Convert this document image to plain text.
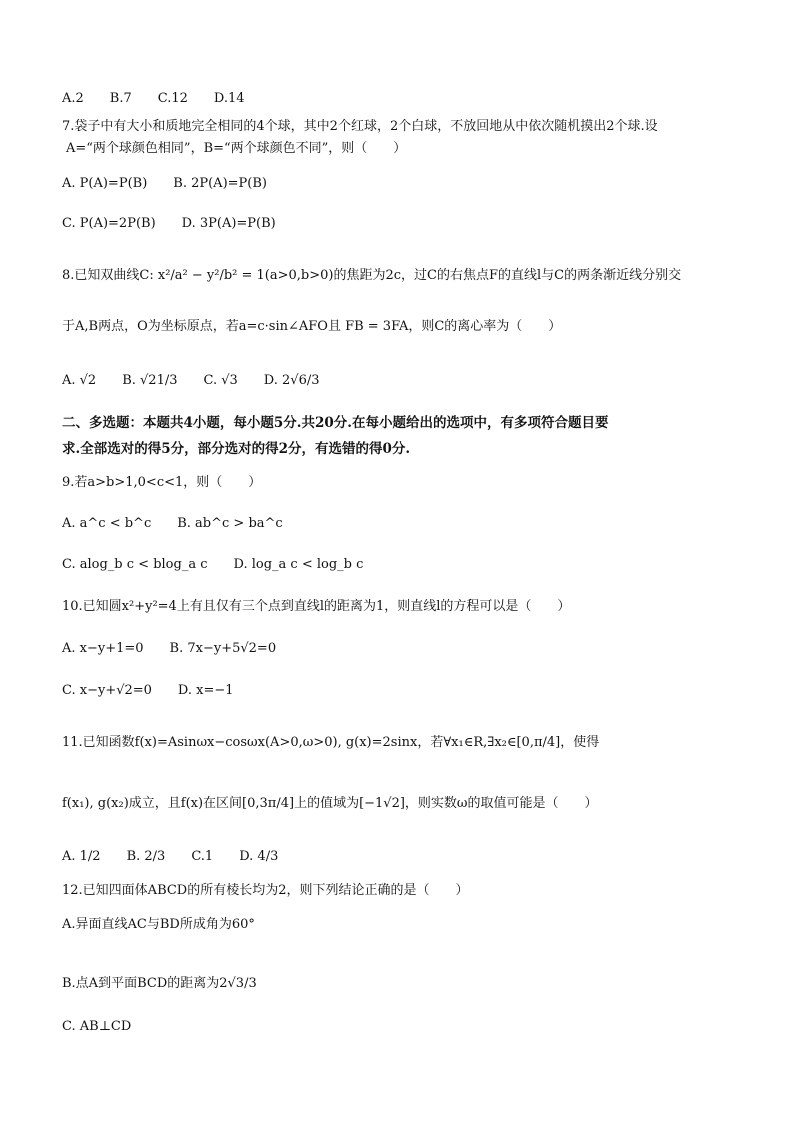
A.2　　B.7　　C.12　　D.14
7.袋子中有大小和质地完全相同的4个球，其中2个红球，2个白球，不放回地从中依次随机摸出2个球.设
A=“两个球颜色相同”，B=“两个球颜色不同”，则（　　）
A. P(A)=P(B)　　B. 2P(A)=P(B)
C. P(A)=2P(B)　　D. 3P(A)=P(B)
8.已知双曲线C: x²/a² − y²/b² = 1(a>0,b>0)的焦距为2c，过C的右焦点F的直线l与C的两条渐近线分别交
于A,B两点，O为坐标原点，若a=c·sin∠AFO且 FB = 3FA，则C的离心率为（　　）
A. √2　　B. √21/3　　C. √3　　D. 2√6/3
二、多选题：本题共4小题，每小题5分.共20分.在每小题给出的选项中，有多项符合题目要
求.全部选对的得5分，部分选对的得2分，有选错的得0分.
9.若a>b>1,0<c<1，则（　　）
A. a^c < b^c　　B. ab^c > ba^c
C. alog_b c < blog_a c　　D. log_a c < log_b c
10.已知圆x²+y²=4上有且仅有三个点到直线l的距离为1，则直线l的方程可以是（　　）
A. x−y+1=0　　B. 7x−y+5√2=0
C. x−y+√2=0　　D. x=−1
11.已知函数f(x)=Asinωx−cosωx(A>0,ω>0), g(x)=2sinx，若∀x₁∈R,∃x₂∈[0,π/4]，使得
f(x₁), g(x₂)成立，且f(x)在区间[0,3π/4]上的值域为[−1√2]，则实数ω的取值可能是（　　）
A. 1/2　　B. 2/3　　C.1　　D. 4/3
12.已知四面体ABCD的所有棱长均为2，则下列结论正确的是（　　）
A.异面直线AC与BD所成角为60°
B.点A到平面BCD的距离为2√3/3
C. AB⊥CD
